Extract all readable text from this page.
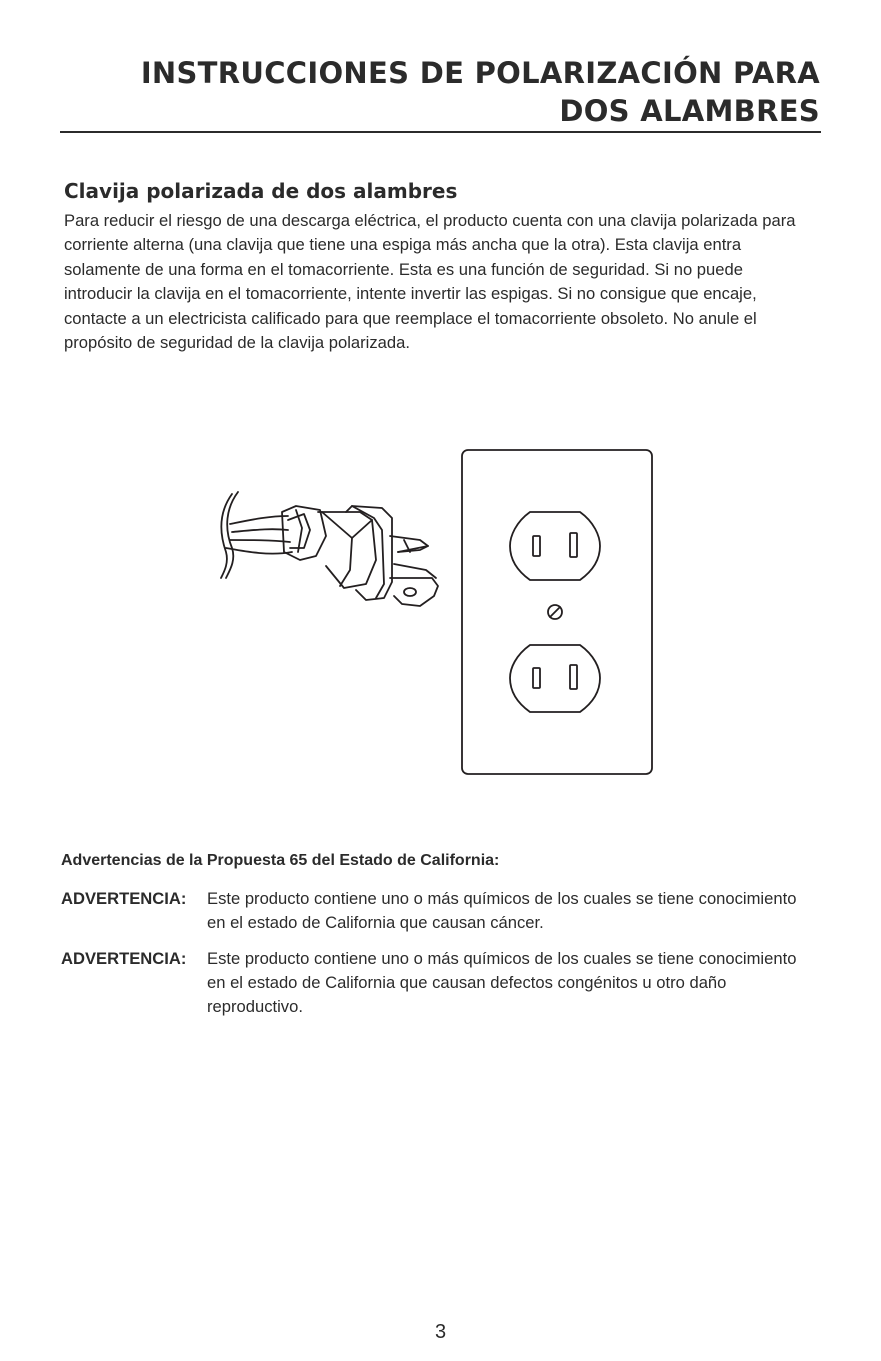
INSTRUCCIONES DE POLARIZACIÓN PARA
DOS ALAMBRES
Clavija polarizada de dos alambres

Para reducir el riesgo de una descarga eléctrica, el producto cuenta con una clavija polarizada para corriente alterna (una clavija que tiene una espiga más ancha que la otra). Esta clavija entra solamente de una forma en el tomacorriente. Esta es una función de seguridad. Si no puede introducir la clavija en el tomacorriente, intente invertir las espigas. Si no consigue que encaje, contacte a un electricista calificado para que reemplace el tomacorriente obsoleto. No anule el propósito de seguridad de la clavija polarizada.

Advertencias de la Propuesta 65 del Estado de California:
ADVERTENCIA:	Este producto contiene uno o más químicos de los cuales se tiene conocimiento en el estado de California que causan cáncer.
ADVERTENCIA:	Este producto contiene uno o más químicos de los cuales se tiene conocimiento en el estado de California que causan defectos congénitos u otro daño reproductivo.
3
